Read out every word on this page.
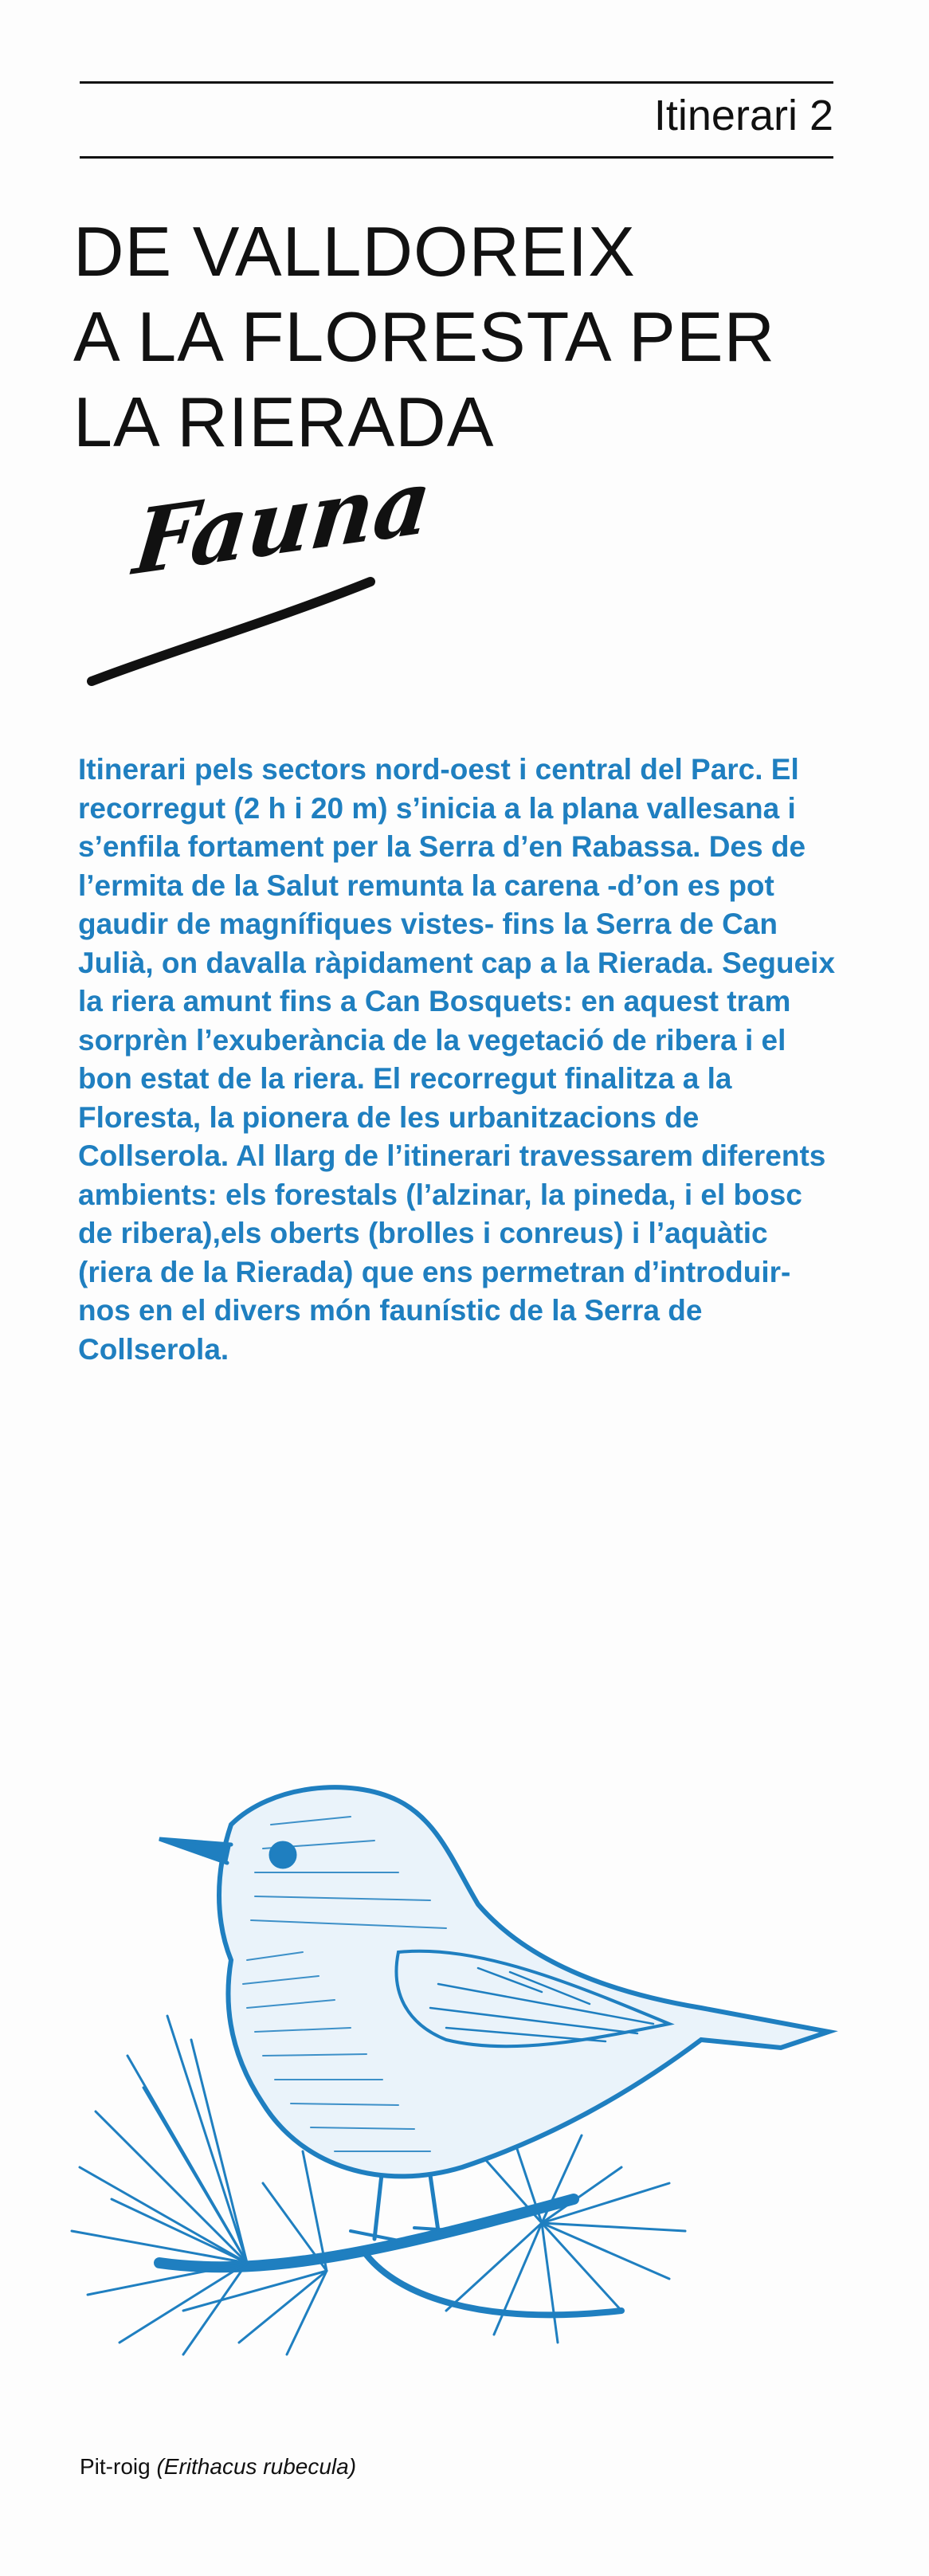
Itinerari 2
DE VALLDOREIX
A LA FLORESTA PER
LA RIERADA
Fauna

Itinerari pels sectors nord-oest i central del Parc. El recorregut (2 h i 20 m) s’inicia a la plana vallesana i s’enfila fortament per la Serra d’en Rabassa. Des de l’ermita de la Salut remunta la carena -d’on es pot gaudir de magnífiques vistes- fins la Serra de Can Julià, on davalla ràpidament cap a la Rierada. Segueix la riera amunt fins a Can Bosquets: en aquest tram sorprèn l’exuberància de la vegetació de ribera i el bon estat de la riera. El recorregut finalitza a la Floresta, la pionera de les urbanitzacions de Collserola. Al llarg de l’itinerari travessarem diferents ambients: els forestals (l’alzinar, la pineda, i el bosc de ribera),els oberts (brolles i conreus) i l’aquàtic (riera de la Rierada) que ens permetran d’introduir-nos en el divers món faunístic de la Serra de Collserola.

Pit-roig (Erithacus rubecula)
